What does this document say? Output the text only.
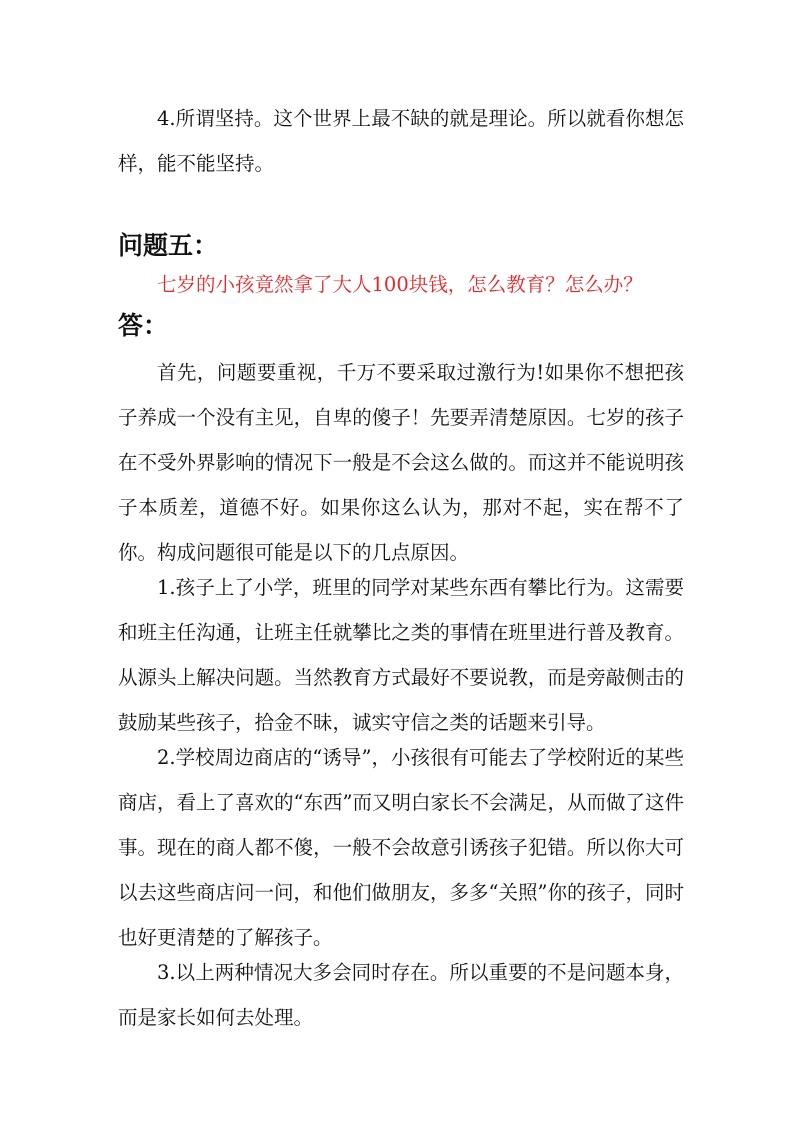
4.所谓坚持。这个世界上最不缺的就是理论。所以就看你想怎样，能不能坚持。

问题五：

七岁的小孩竟然拿了大人100块钱，怎么教育？怎么办？

答：

首先，问题要重视，千万不要采取过激行为!如果你不想把孩子养成一个没有主见，自卑的傻子！先要弄清楚原因。七岁的孩子在不受外界影响的情况下一般是不会这么做的。而这并不能说明孩子本质差，道德不好。如果你这么认为，那对不起，实在帮不了你。构成问题很可能是以下的几点原因。

1.孩子上了小学，班里的同学对某些东西有攀比行为。这需要和班主任沟通，让班主任就攀比之类的事情在班里进行普及教育。从源头上解决问题。当然教育方式最好不要说教，而是旁敲侧击的鼓励某些孩子，拾金不昧，诚实守信之类的话题来引导。

2.学校周边商店的“诱导”，小孩很有可能去了学校附近的某些商店，看上了喜欢的“东西”而又明白家长不会满足，从而做了这件事。现在的商人都不傻，一般不会故意引诱孩子犯错。所以你大可以去这些商店问一问，和他们做朋友，多多“关照”你的孩子，同时也好更清楚的了解孩子。

3.以上两种情况大多会同时存在。所以重要的不是问题本身，而是家长如何去处理。
